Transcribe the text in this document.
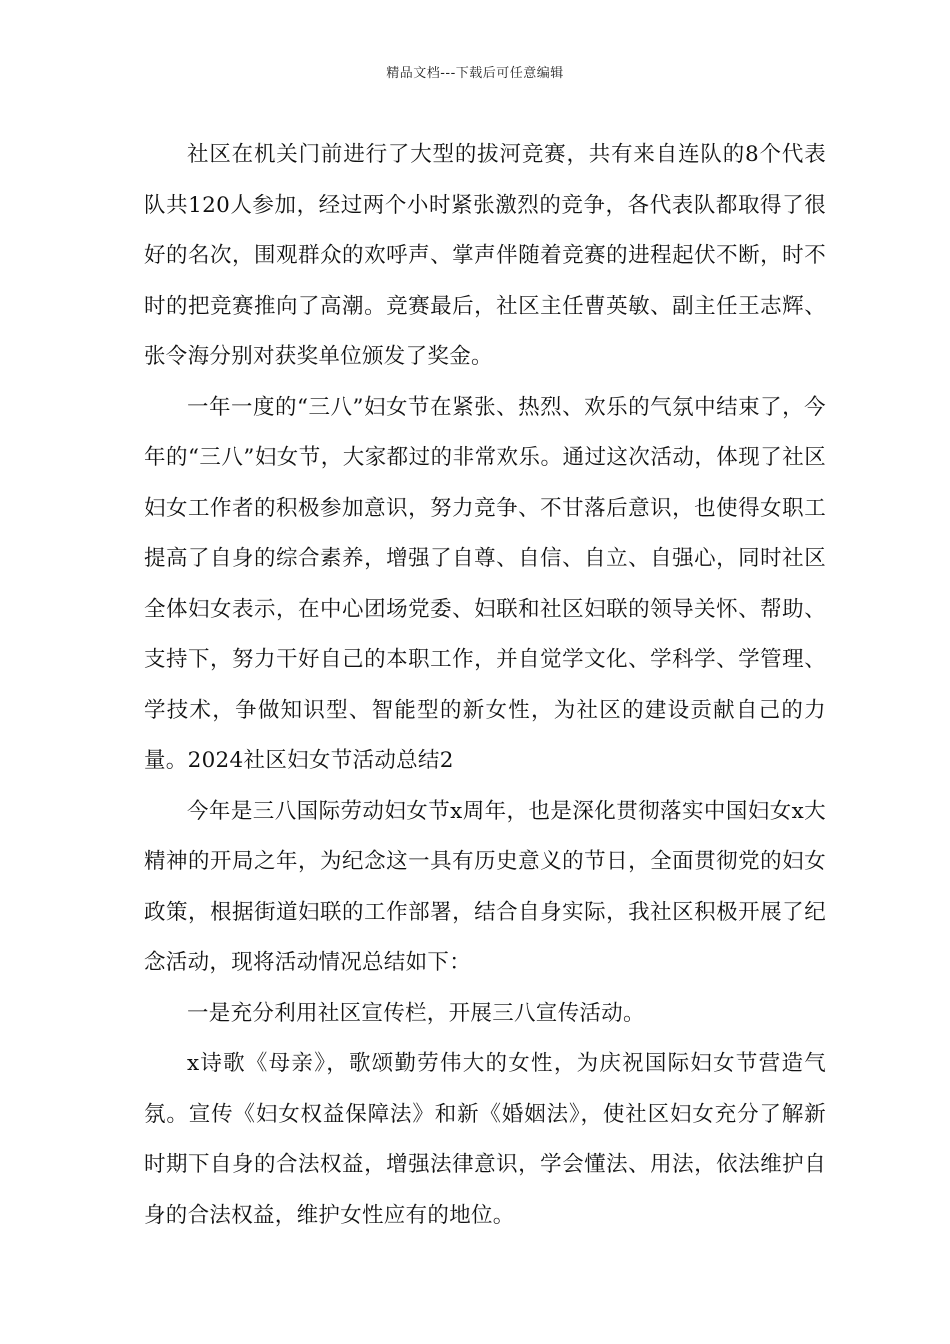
精品文档---下载后可任意编辑

社区在机关门前进行了大型的拔河竞赛，共有来自连队的8个代表队共120人参加，经过两个小时紧张激烈的竞争，各代表队都取得了很好的名次，围观群众的欢呼声、掌声伴随着竞赛的进程起伏不断，时不时的把竞赛推向了高潮。竞赛最后，社区主任曹英敏、副主任王志辉、张令海分别对获奖单位颁发了奖金。

一年一度的“三八”妇女节在紧张、热烈、欢乐的气氛中结束了，今年的“三八”妇女节，大家都过的非常欢乐。通过这次活动，体现了社区妇女工作者的积极参加意识，努力竞争、不甘落后意识，也使得女职工提高了自身的综合素养，增强了自尊、自信、自立、自强心，同时社区全体妇女表示，在中心团场党委、妇联和社区妇联的领导关怀、帮助、支持下，努力干好自己的本职工作，并自觉学文化、学科学、学管理、学技术，争做知识型、智能型的新女性，为社区的建设贡献自己的力量。2024社区妇女节活动总结2

今年是三八国际劳动妇女节x周年，也是深化贯彻落实中国妇女x大精神的开局之年，为纪念这一具有历史意义的节日，全面贯彻党的妇女政策，根据街道妇联的工作部署，结合自身实际，我社区积极开展了纪念活动，现将活动情况总结如下：

一是充分利用社区宣传栏，开展三八宣传活动。

x诗歌《母亲》，歌颂勤劳伟大的女性，为庆祝国际妇女节营造气氛。宣传《妇女权益保障法》和新《婚姻法》，使社区妇女充分了解新时期下自身的合法权益，增强法律意识，学会懂法、用法，依法维护自身的合法权益，维护女性应有的地位。
